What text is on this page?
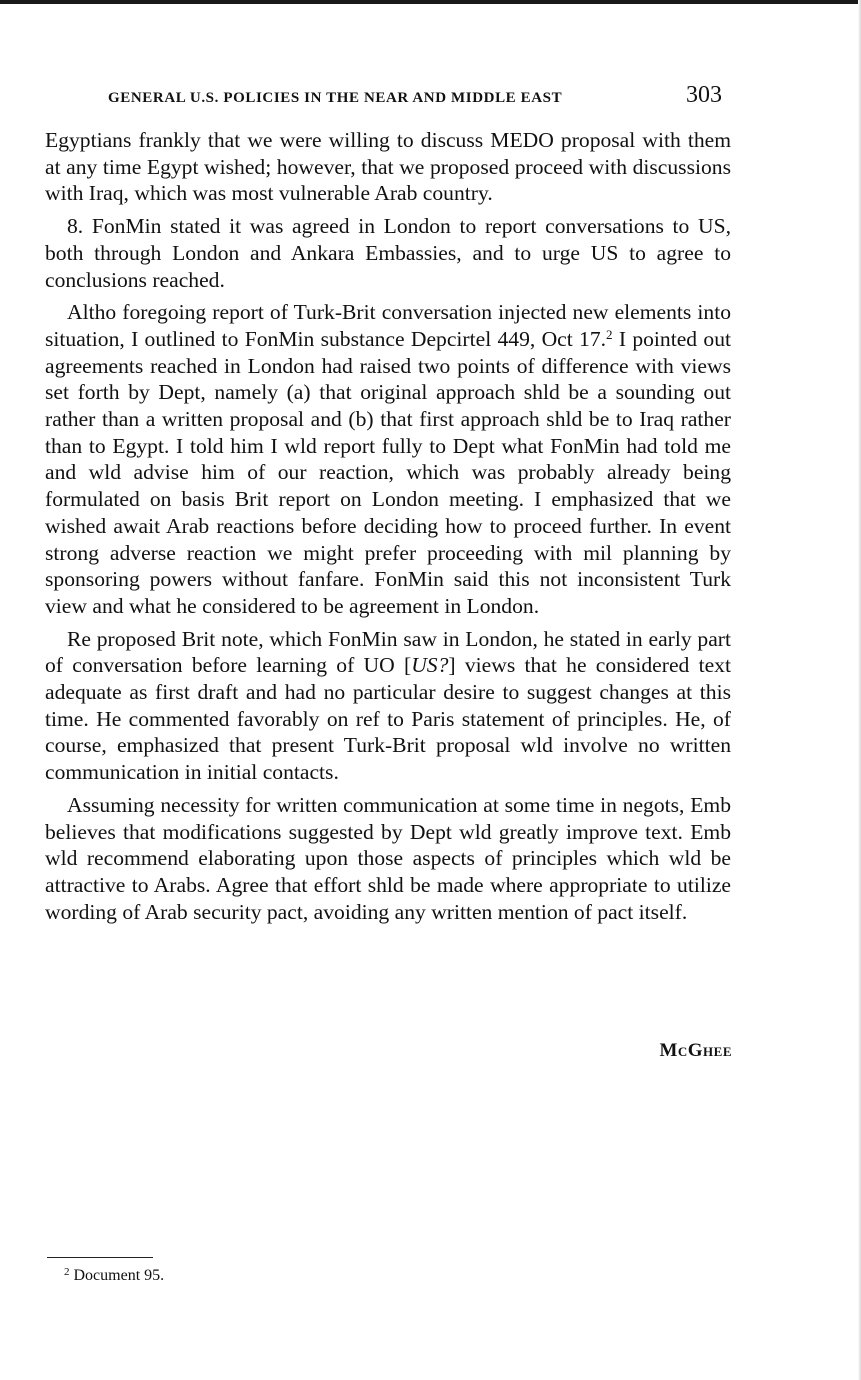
GENERAL U.S. POLICIES IN THE NEAR AND MIDDLE EAST	303

Egyptians frankly that we were willing to discuss MEDO proposal with them at any time Egypt wished; however, that we proposed proceed with discussions with Iraq, which was most vulnerable Arab country.

8. FonMin stated it was agreed in London to report conversations to US, both through London and Ankara Embassies, and to urge US to agree to conclusions reached.

Altho foregoing report of Turk-Brit conversation injected new elements into situation, I outlined to FonMin substance Depcirtel 449, Oct 17.$^2$ I pointed out agreements reached in London had raised two points of difference with views set forth by Dept, namely (a) that original approach shld be a sounding out rather than a written proposal and (b) that first approach shld be to Iraq rather than to Egypt. I told him I wld report fully to Dept what FonMin had told me and wld advise him of our reaction, which was probably already being formulated on basis Brit report on London meeting. I emphasized that we wished await Arab reactions before deciding how to proceed further. In event strong adverse reaction we might prefer proceeding with mil planning by sponsoring powers without fanfare. FonMin said this not inconsistent Turk view and what he considered to be agreement in London.

Re proposed Brit note, which FonMin saw in London, he stated in early part of conversation before learning of UO [US?] views that he considered text adequate as first draft and had no particular desire to suggest changes at this time. He commented favorably on ref to Paris statement of principles. He, of course, emphasized that present Turk-Brit proposal wld involve no written communication in initial contacts.

Assuming necessity for written communication at some time in negots, Emb believes that modifications suggested by Dept wld greatly improve text. Emb wld recommend elaborating upon those aspects of principles which wld be attractive to Arabs. Agree that effort shld be made where appropriate to utilize wording of Arab security pact, avoiding any written mention of pact itself.

McGhee
$^2$ Document 95.
